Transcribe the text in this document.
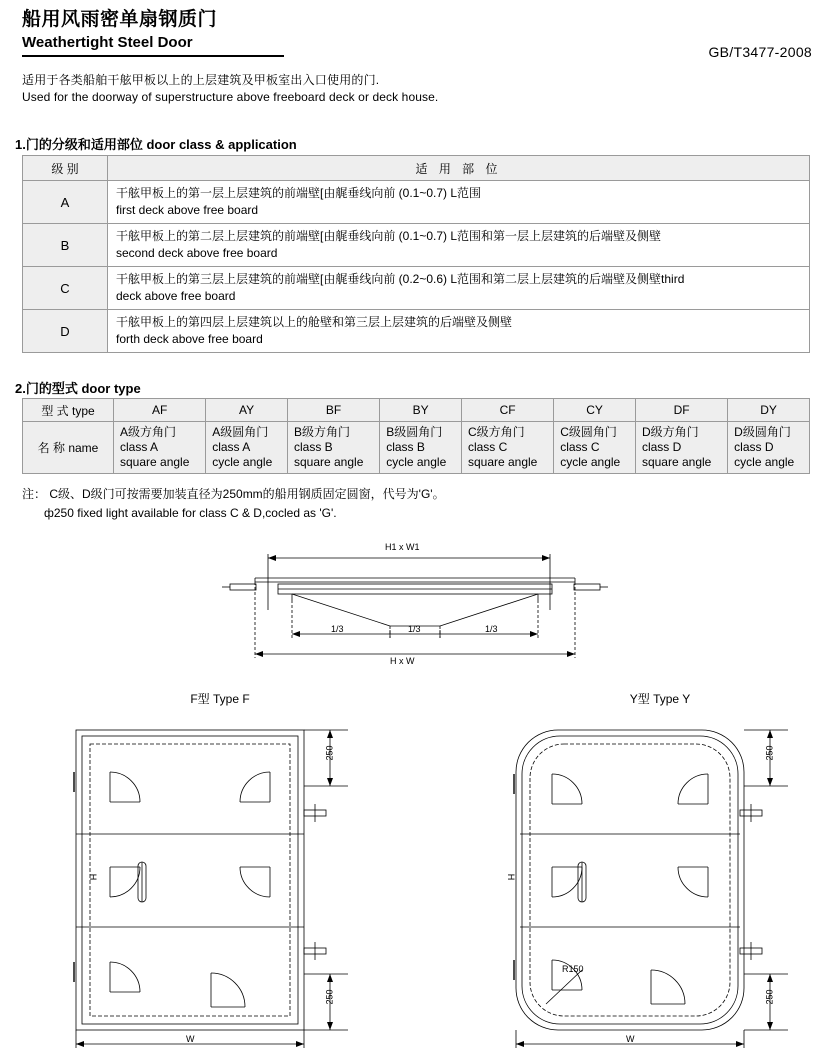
船用风雨密单扇钢质门
Weathertight Steel Door
GB/T3477-2008
适用于各类船舶干舷甲板以上的上层建筑及甲板室出入口使用的门.
Used for the doorway of superstructure above freeboard deck or deck house.
1.门的分级和适用部位 door class & application
级 别	适 用 部 位
A	干舷甲板上的第一层上层建筑的前端壁[由艉垂线向前 (0.1~0.7) L范围
first deck above free board

B	干舷甲板上的第二层上层建筑的前端壁[由艉垂线向前 (0.1~0.7) L范围和第一层上层建筑的后端壁及侧壁
second deck above free board

C	干舷甲板上的第三层上层建筑的前端壁[由艉垂线向前 (0.2~0.6) L范围和第二层上层建筑的后端壁及侧壁third
deck above free board

D	干舷甲板上的第四层上层建筑以上的舱壁和第三层上层建筑的后端壁及侧壁
forth deck above free board
2.门的型式 door type
型 式 type	AF	AY	BF	BY	CF	CY	DF	DY
名 称 name	A级方角门
class A
square angle	A级圆角门
class A
cycle angle	B级方角门
class B
square angle	B级圆角门
class B
cycle angle	C级方角门
class C
square angle	C级圆角门
class C
cycle angle	D级方角门
class D
square angle	D级圆角门
class D
cycle angle
注： C级、D级门可按需要加装直径为250mm的船用钢质固定圆窗，代号为'G'。
ф250 fixed light available for class C & D,cocled as 'G'.
H1 x W1
1/3	1/3	1/3
H x W
F型 Type F
250
250
H
W
Y型 Type Y
250
250
H
W
R150
